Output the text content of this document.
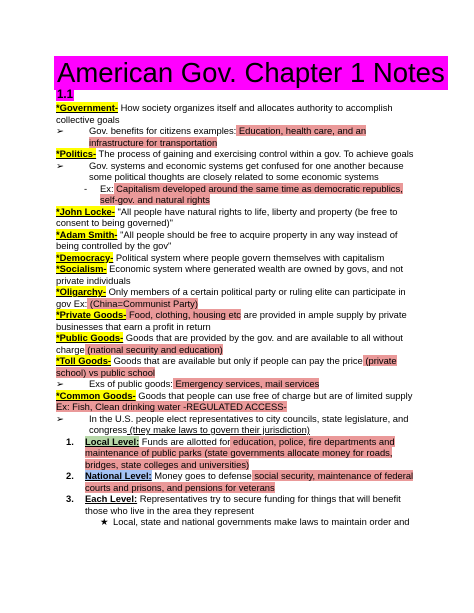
American Gov. Chapter 1 Notes

1.1

*Government- How society organizes itself and allocates authority to accomplish collective goals

➢	Gov. benefits for citizens examples: Education, health care, and an infrastructure for transportation

*Politics- The process of gaining and exercising control within a gov. To achieve goals

➢	Gov. systems and economic systems get confused for one another because some political thoughts are closely related to some economic systems
- Ex: Capitalism developed around the same time as democratic republics, self-gov. and natural rights

*John Locke- "All people have natural rights to life, liberty and property (be free to consent to being governed)"

*Adam Smith- "All people should be free to acquire property in any way instead of being controlled by the gov"

*Democracy- Political system where people govern themselves with capitalism

*Socialism- Economic system where generated wealth are owned by govs, and not private individuals

*Oligarchy- Only members of a certain political party or ruling elite can participate in gov Ex: (China=Communist Party)

*Private Goods- Food, clothing, housing etc are provided in ample supply by private businesses that earn a profit in return

*Public Goods- Goods that are provided by the gov. and are available to all without charge (national security and education)

*Toll Goods- Goods that are available but only if people can pay the price (private school) vs public school

➢	Exs of public goods: Emergency services, mail services

*Common Goods- Goods that people can use free of charge but are of limited supply

Ex: Fish, Clean drinking water -REGULATED ACCESS-

➢	In the U.S. people elect representatives to city councils, state legislature, and congress (they make laws to govern their jurisdiction)
1. Local Level: Funds are allotted for education, police, fire departments and maintenance of public parks (state governments allocate money for roads, bridges, state colleges and universities)
2. National Level: Money goes to defense social security, maintenance of federal courts and prisons, and pensions for veterans
3. Each Level: Representatives try to secure funding for things that will benefit those who live in the area they represent
★ Local, state and national governments make laws to maintain order and
